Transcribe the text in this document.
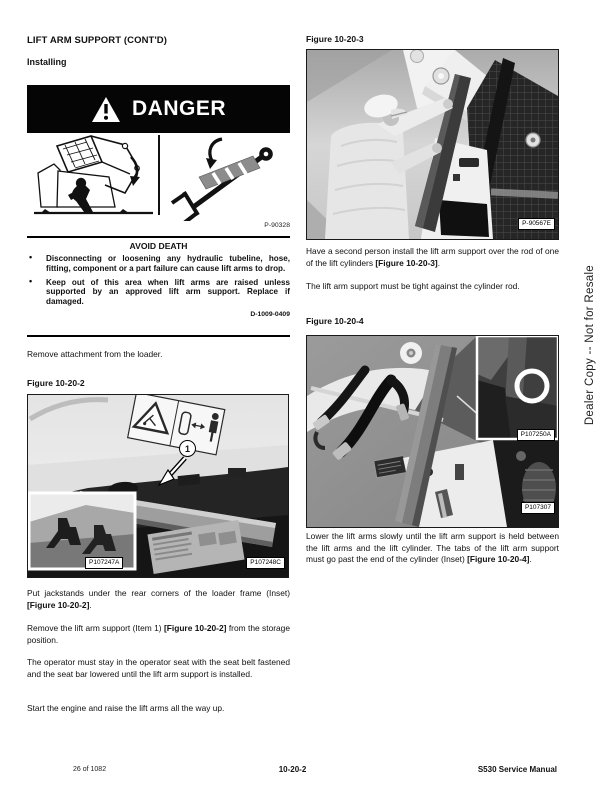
LIFT ARM SUPPORT (CONT'D)
Installing
DANGER
P-90328
AVOID DEATH
• Disconnecting or loosening any hydraulic tubeline, hose, fitting, component or a part failure can cause lift arms to drop.
• Keep out of this area when lift arms are raised unless supported by an approved lift arm support. Replace if damaged.
D-1009-0409
Remove attachment from the loader.
Figure 10-20-2
1
P107247A	P107248C
Put jackstands under the rear corners of the loader frame (Inset) [Figure 10-20-2].
Remove the lift arm support (Item 1) [Figure 10-20-2] from the storage position.
The operator must stay in the operator seat with the seat belt fastened and the seat bar lowered until the lift arm support is installed.
Start the engine and raise the lift arms all the way up.
Figure 10-20-3
P-90567E
Have a second person install the lift arm support over the rod of one of the lift cylinders [Figure 10-20-3].
The lift arm support must be tight against the cylinder rod.
Figure 10-20-4
P107250A
P107307
Lower the lift arms slowly until the lift arm support is held between the lift arms and the lift cylinder. The tabs of the lift arm support must go past the end of the cylinder (Inset) [Figure 10-20-4].
Dealer Copy -- Not for Resale
26 of 1082	10-20-2	S530 Service Manual
